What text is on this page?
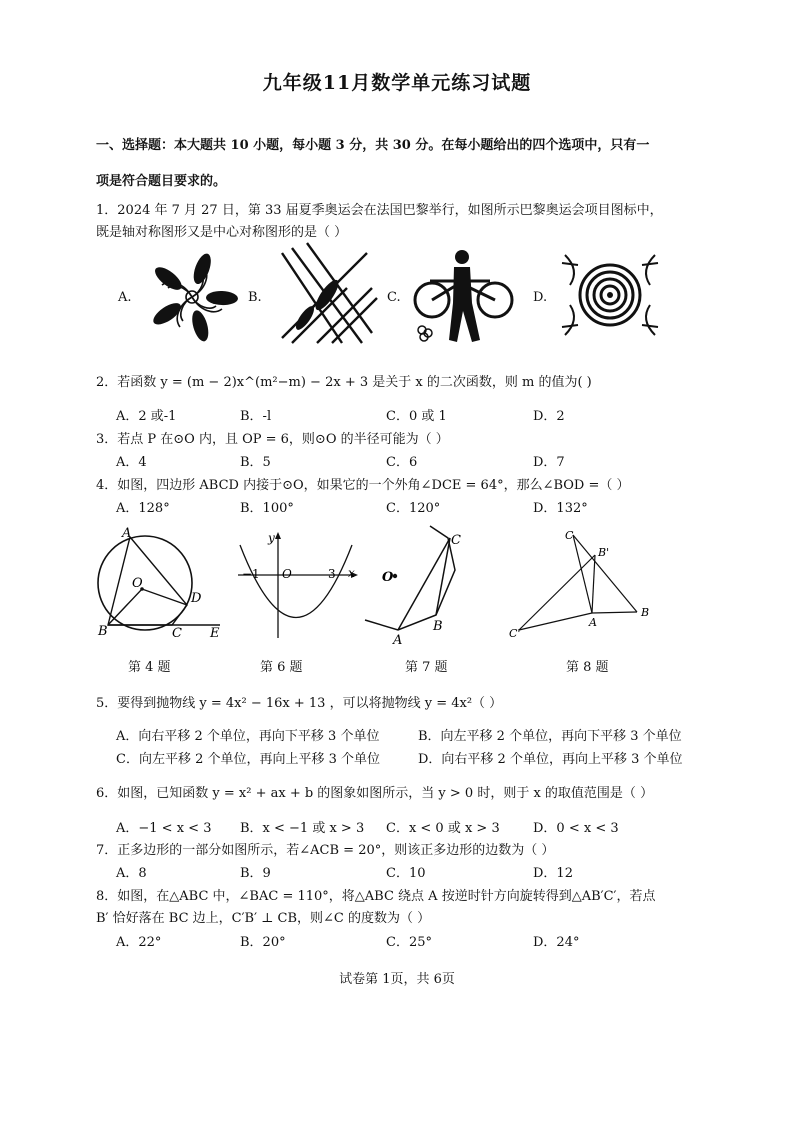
九年级11月数学单元练习试题
一、选择题：本大题共 10 小题，每小题 3 分，共 30 分。在每小题给出的四个选项中，只有一
项是符合题目要求的。
1．2024 年 7 月 27 日，第 33 届夏季奥运会在法国巴黎举行，如图所示巴黎奥运会项目图标中，
既是轴对称图形又是中心对称图形的是（ ）
A.	B.	C.	D.
2．若函数 y = (m − 2)x^(m²−m) − 2x + 3 是关于 x 的二次函数，则 m 的值为( )
A．2 或-1	B．-l	C．0 或 1	D．2
3．若点 P 在⊙O 内，且 OP = 6，则⊙O 的半径可能为（ ）
A．4	B．5	C．6	D．7
4．如图，四边形 ABCD 内接于⊙O，如果它的一个外角∠DCE = 64°，那么∠BOD =（ ）
A．128°	B．100°	C．120°	D．132°
A
B	C
D
E
O
第 4 题
y
x
−1 O	3
第 6 题
O
C
A
B
第 7 题
C
B'
A
B
C'
第 8 题
5．要得到抛物线 y = 4x² − 16x + 13 ，可以将抛物线 y = 4x²（ ）
A．向右平移 2 个单位，再向下平移 3 个单位	B．向左平移 2 个单位，再向下平移 3 个单位
C．向左平移 2 个单位，再向上平移 3 个单位	D．向右平移 2 个单位，再向上平移 3 个单位
6．如图，已知函数 y = x² + ax + b 的图象如图所示，当 y > 0 时，则于 x 的取值范围是（ ）
A．−1 < x < 3 B．x < −1 或 x > 3 C．x < 0 或 x > 3	D．0 < x < 3
7．正多边形的一部分如图所示，若∠ACB = 20°，则该正多边形的边数为（ ）
A．8	B．9	C．10	D．12
8．如图，在△ABC 中，∠BAC = 110°，将△ABC 绕点 A 按逆时针方向旋转得到△AB′C′，若点
B′ 恰好落在 BC 边上，C′B′ ⊥ CB，则∠C 的度数为（ ）
A．22°	B．20°	C．25°	D．24°
试卷第 1页，共 6页
